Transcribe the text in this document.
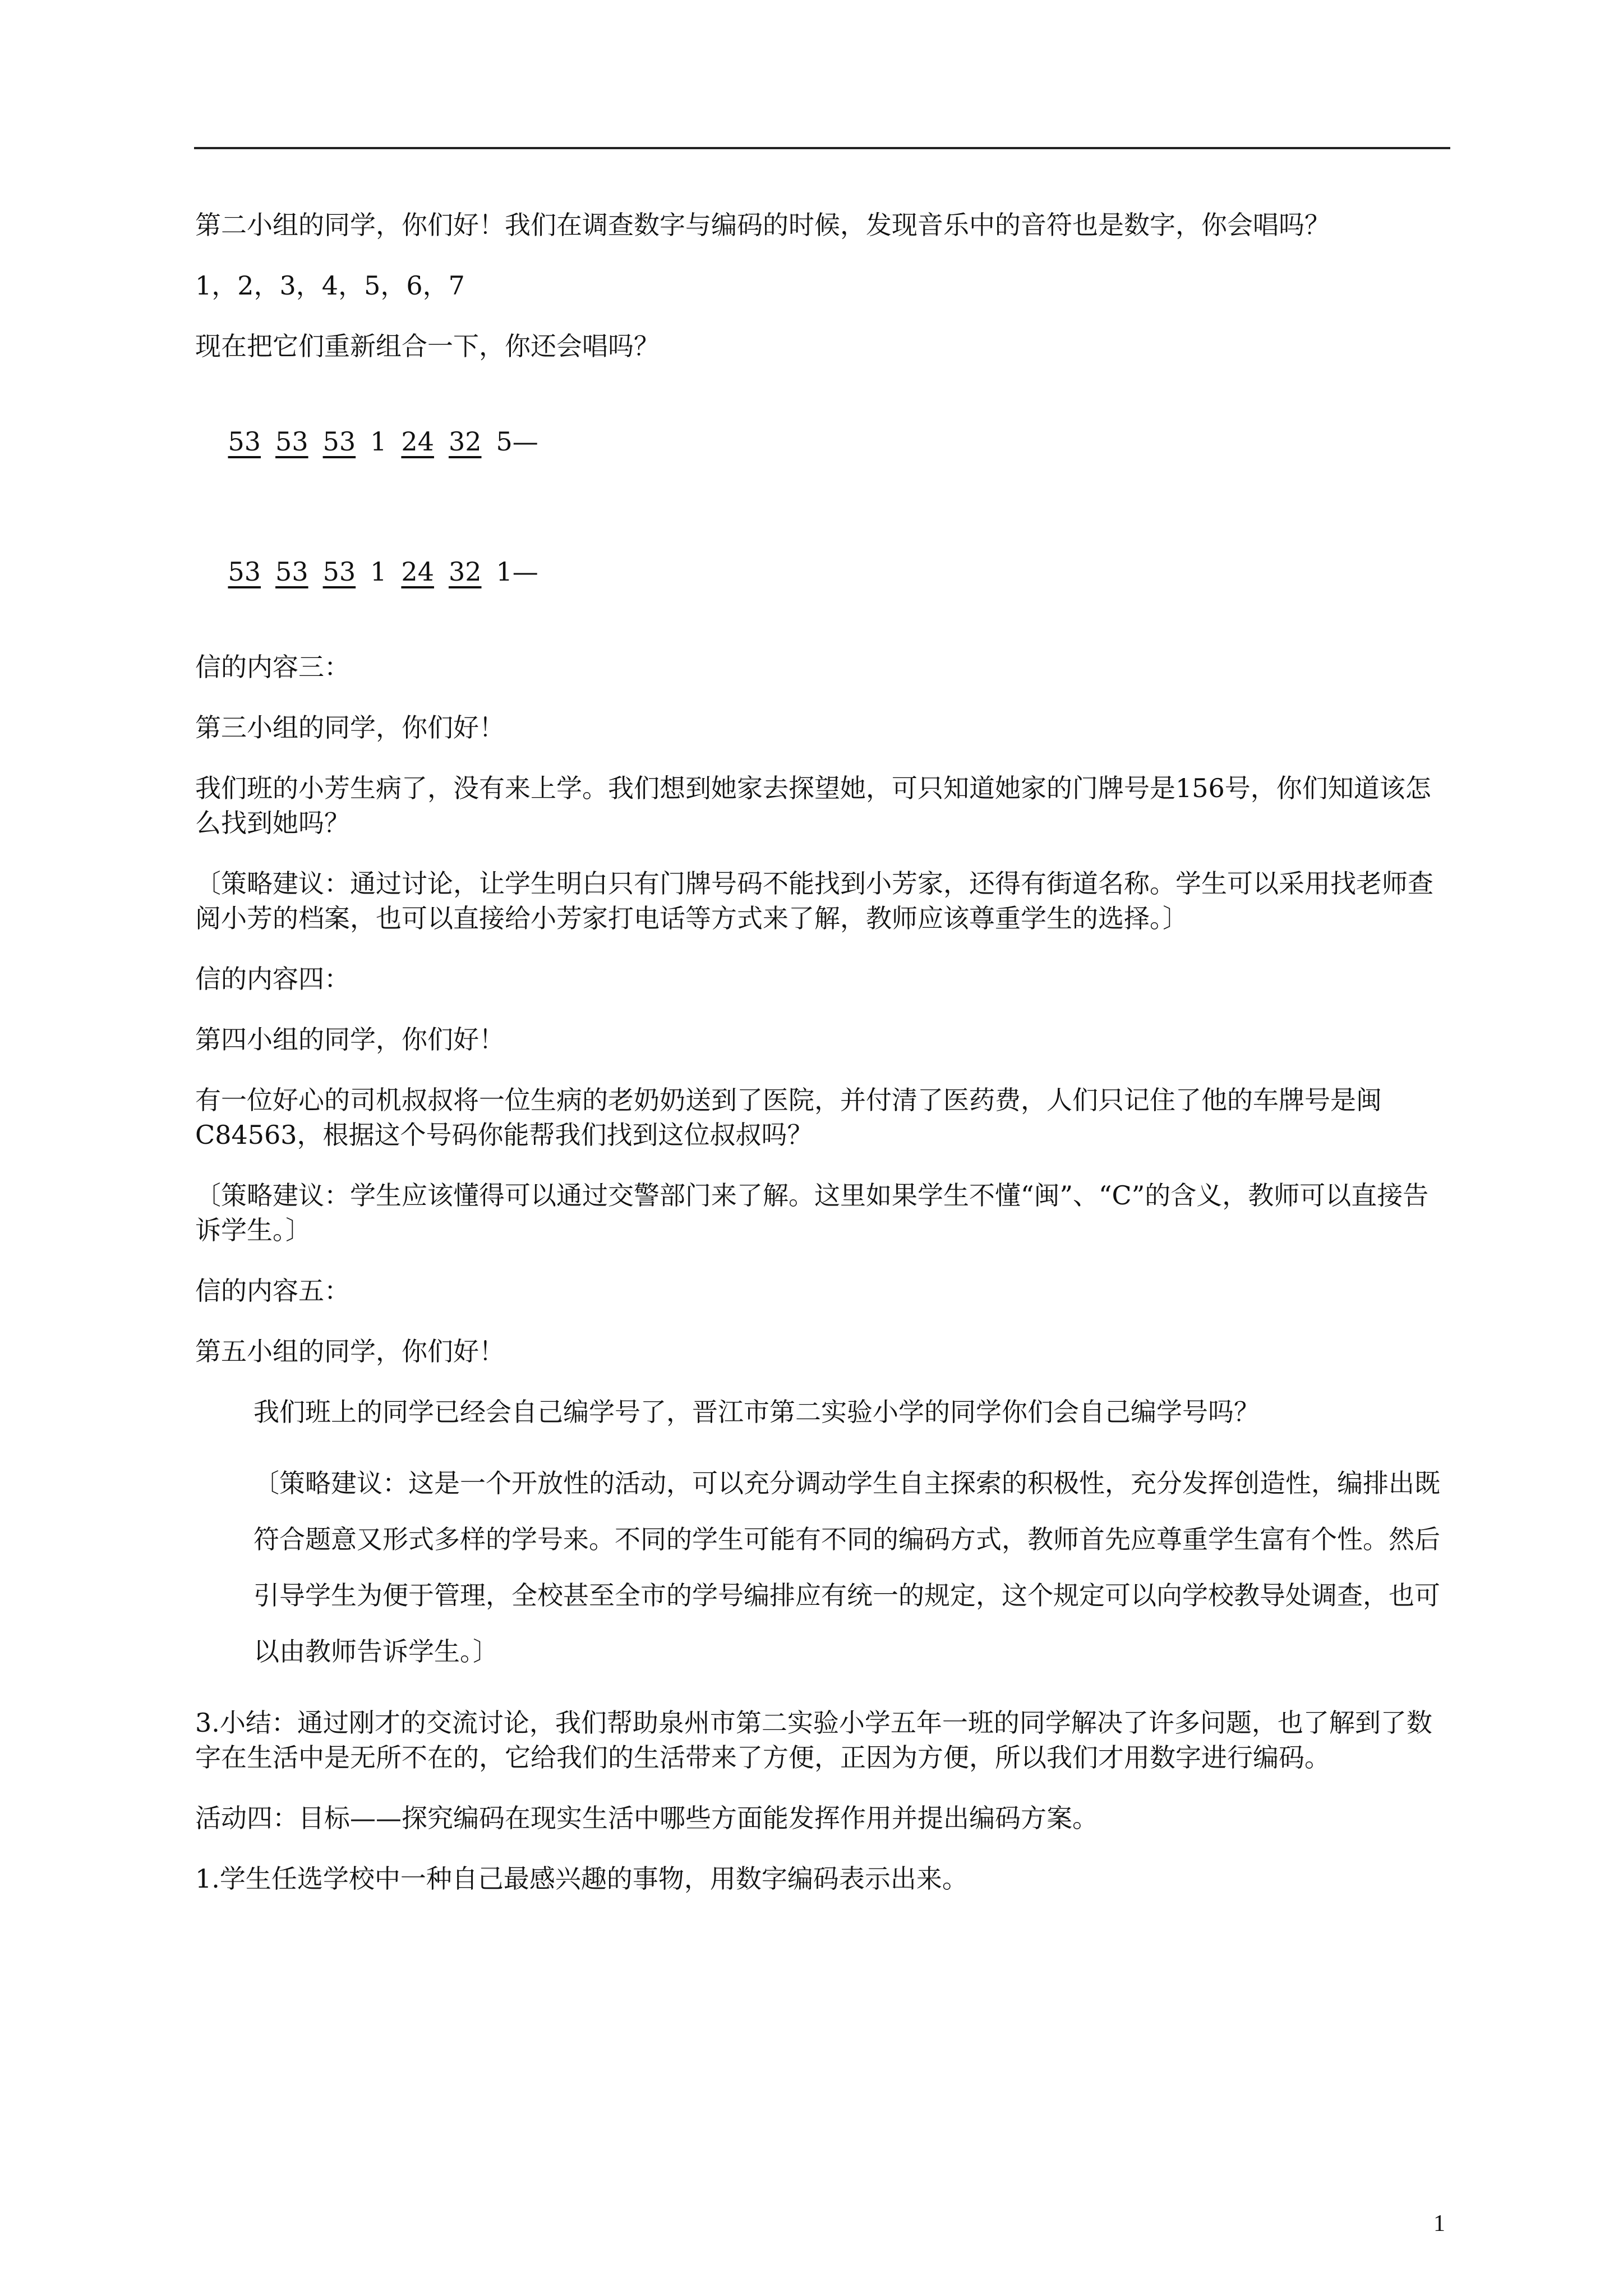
第二小组的同学，你们好！我们在调查数字与编码的时候，发现音乐中的音符也是数字，你会唱吗？

1，2，3，4，5，6，7

现在把它们重新组合一下，你还会唱吗？

53 53 53 1 24 32 5—

53 53 53 1 24 32 1—

信的内容三：

第三小组的同学，你们好！

我们班的小芳生病了，没有来上学。我们想到她家去探望她，可只知道她家的门牌号是156号，你们知道该怎么找到她吗？

〔策略建议：通过讨论，让学生明白只有门牌号码不能找到小芳家，还得有街道名称。学生可以采用找老师查阅小芳的档案，也可以直接给小芳家打电话等方式来了解，教师应该尊重学生的选择。〕

信的内容四：

第四小组的同学，你们好！

有一位好心的司机叔叔将一位生病的老奶奶送到了医院，并付清了医药费，人们只记住了他的车牌号是闽C84563，根据这个号码你能帮我们找到这位叔叔吗？

〔策略建议：学生应该懂得可以通过交警部门来了解。这里如果学生不懂“闽”、“C”的含义，教师可以直接告诉学生。〕

信的内容五：

第五小组的同学，你们好！

我们班上的同学已经会自己编学号了，晋江市第二实验小学的同学你们会自己编学号吗？

〔策略建议：这是一个开放性的活动，可以充分调动学生自主探索的积极性，充分发挥创造性，编排出既符合题意又形式多样的学号来。不同的学生可能有不同的编码方式，教师首先应尊重学生富有个性。然后引导学生为便于管理，全校甚至全市的学号编排应有统一的规定，这个规定可以向学校教导处调查，也可以由教师告诉学生。〕

3.小结：通过刚才的交流讨论，我们帮助泉州市第二实验小学五年一班的同学解决了许多问题，也了解到了数字在生活中是无所不在的，它给我们的生活带来了方便，正因为方便，所以我们才用数字进行编码。

活动四：目标——探究编码在现实生活中哪些方面能发挥作用并提出编码方案。

1.学生任选学校中一种自己最感兴趣的事物，用数字编码表示出来。

1
